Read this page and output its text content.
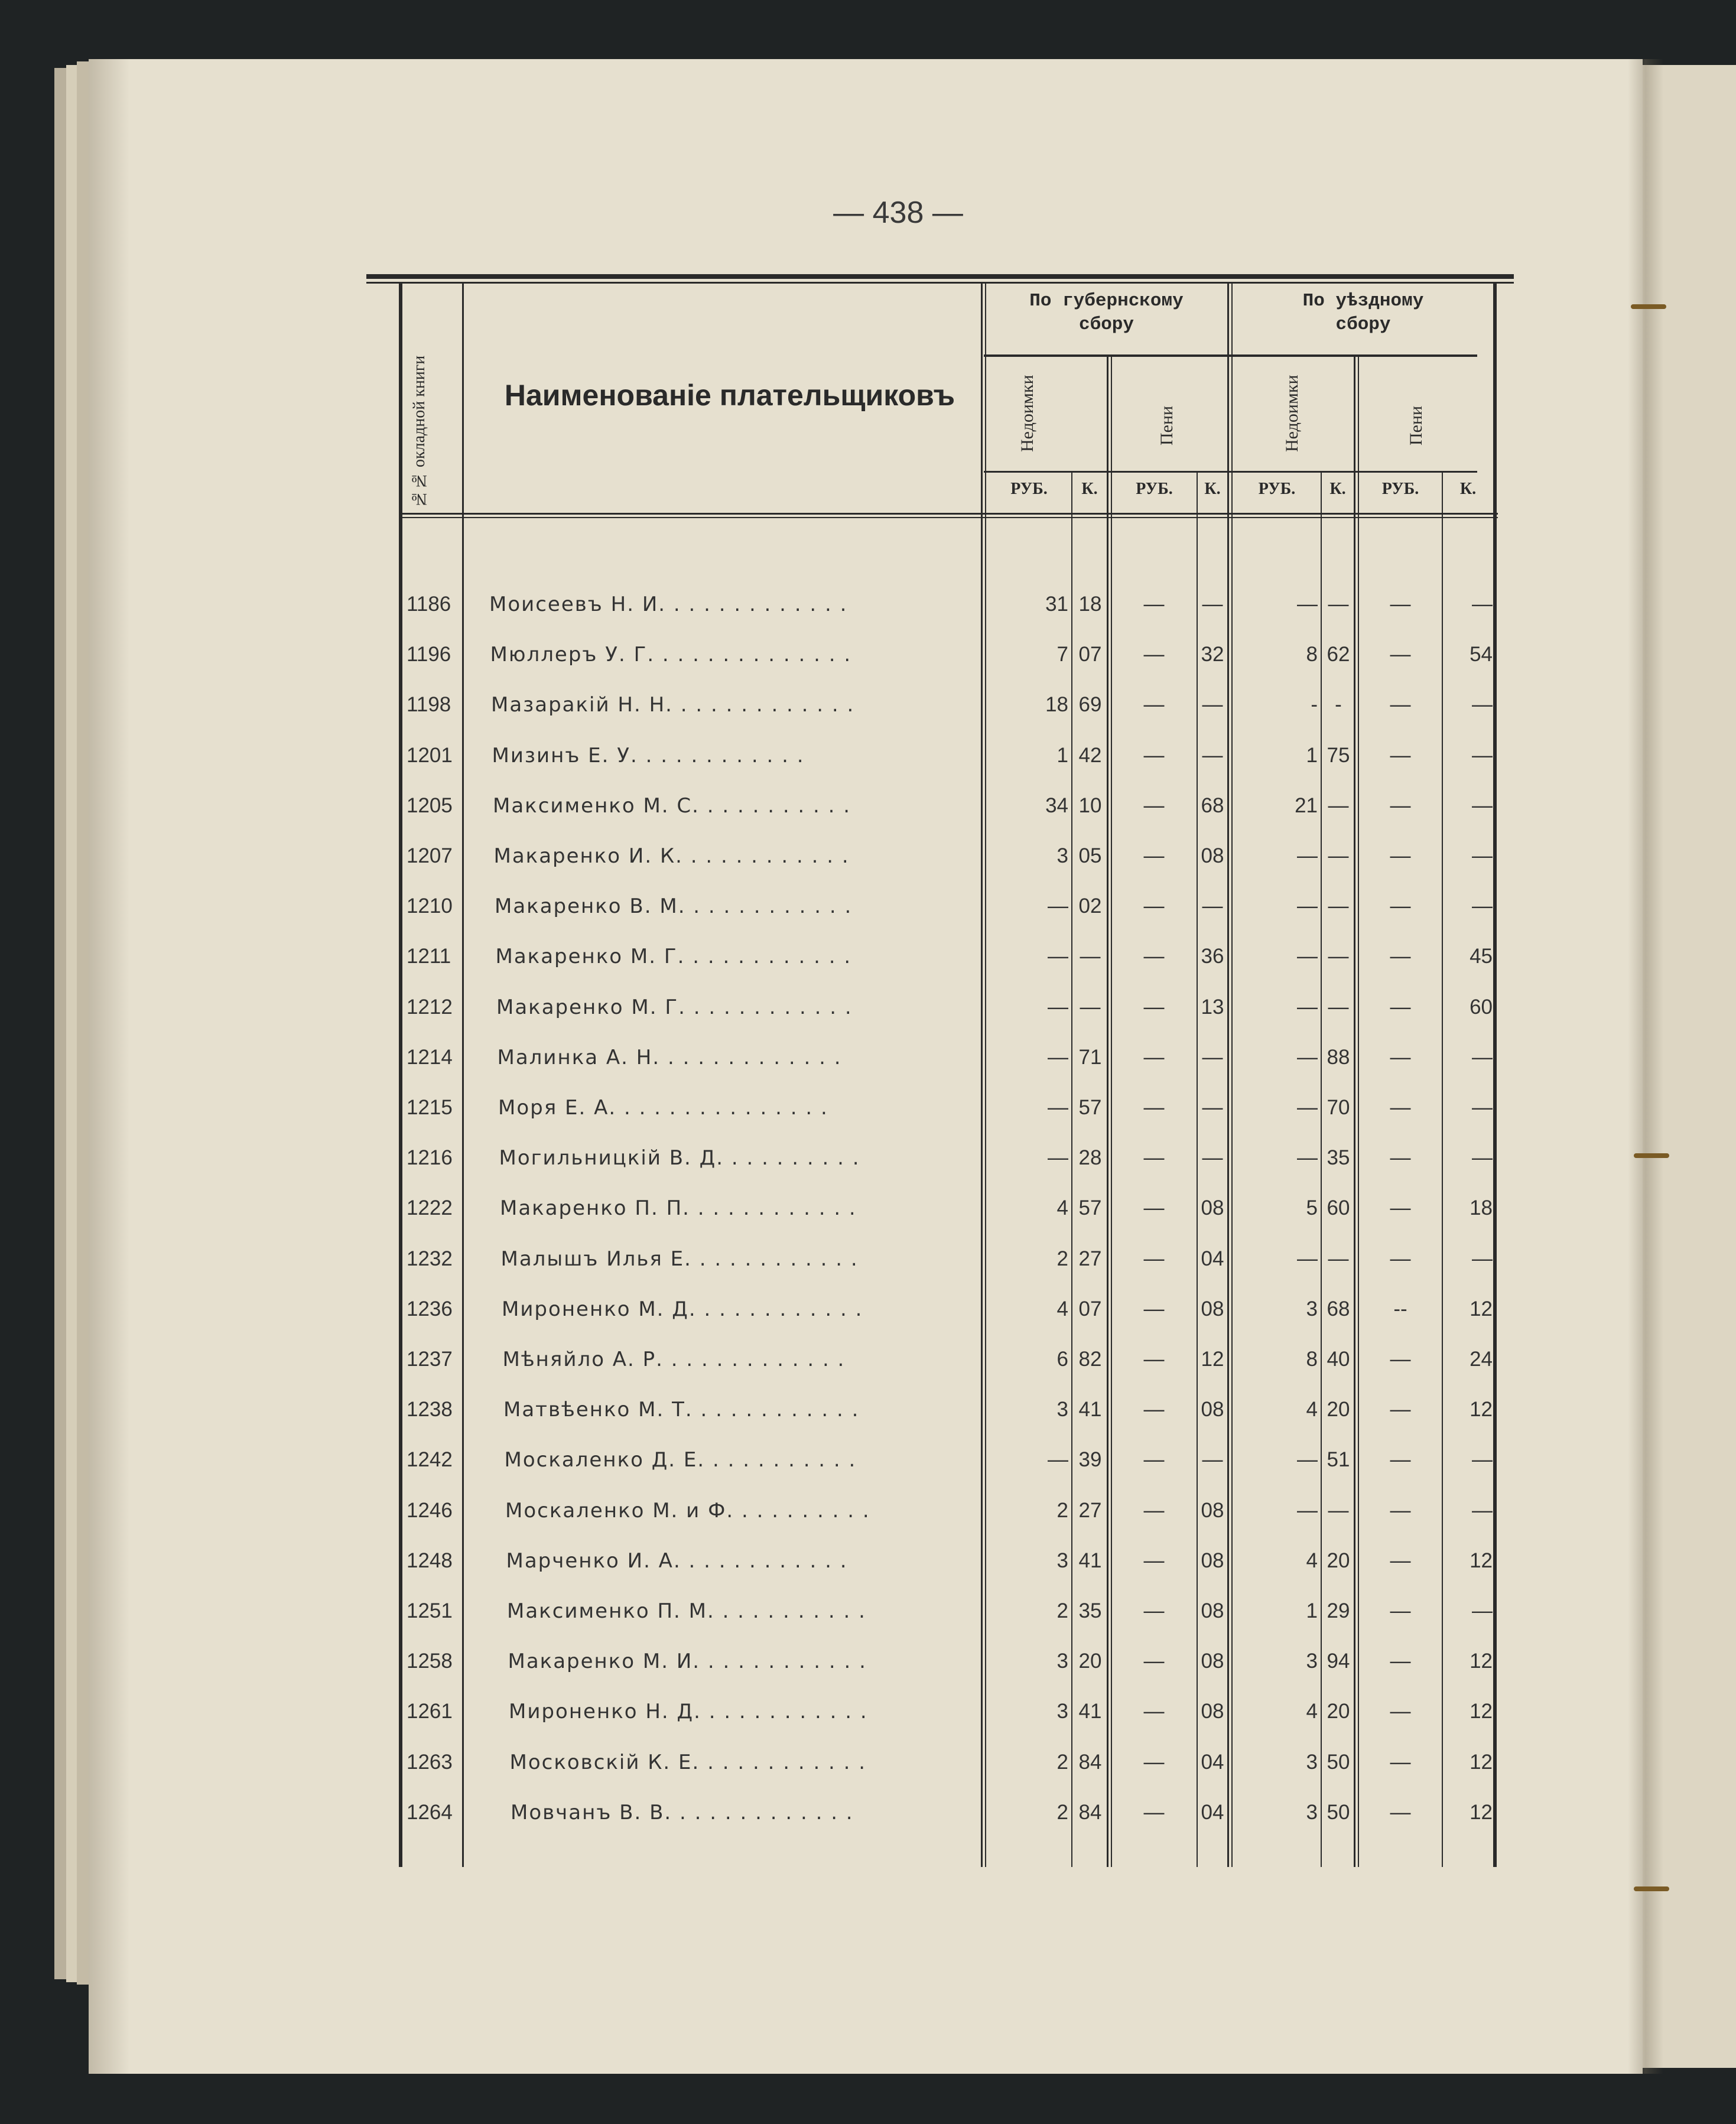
— 438 —
№№ окладной книги	Наименованіе плательщиковъ
По губернскому
сбору
По уѣздному
сбору
Недоимки	Пени	Недоимки	Пени
РУБ.	К.	РУБ.	К.	РУБ.	К.	РУБ.	К.
1186	Моисеевъ Н. И. . . . . . . . . . . . .	31 18	—	—	— —	—	—
1196	Мюллеръ У. Г. . . . . . . . . . . . . .	7 07	—	32	8 62	—	54
1198	Мазаракій Н. Н. . . . . . . . . . . . .	18 69	—	—	- -	—	—
1201	Мизинъ Е. У. . . . . . . . . . . .	1 42	—	—	1 75	—	—
1205	Максименко М. С. . . . . . . . . . .	34 10	—	68	21 —	—	—
1207	Макаренко И. К. . . . . . . . . . . .	3 05	—	08	— —	—	—
1210	Макаренко В. М. . . . . . . . . . . .	— 02	—	—	— —	—	—
1211	Макаренко М. Г. . . . . . . . . . . .	— —	—	36	— —	—	45
1212	Макаренко М. Г. . . . . . . . . . . .	— —	—	13	— —	—	60
1214	Малинка А. Н. . . . . . . . . . . . .	— 71	—	—	— 88	—	—
1215	Моря Е. А. . . . . . . . . . . . . . .	— 57	—	—	— 70	—	—
1216	Могильницкій В. Д. . . . . . . . . .	— 28	—	—	— 35	—	—
1222	Макаренко П. П. . . . . . . . . . . .	4 57	—	08	5 60	—	18
1232	Малышъ Илья Е. . . . . . . . . . . .	2 27	—	04	— —	—	—
1236	Мироненко М. Д. . . . . . . . . . . .	4 07	—	08	3 68	--	12
1237	Мѣняйло А. Р. . . . . . . . . . . . .	6 82	—	12	8 40	—	24
1238	Матвѣенко М. Т. . . . . . . . . . . .	3 41	—	08	4 20	—	12
1242	Москаленко Д. Е. . . . . . . . . . .	— 39	—	—	— 51	—	—
1246	Москаленко М. и Ф. . . . . . . . . .	2 27	—	08	— —	—	—
1248	Марченко И. А. . . . . . . . . . . .	3 41	—	08	4 20	—	12
1251	Максименко П. М. . . . . . . . . . .	2 35	—	08	1 29	—	—
1258	Макаренко М. И. . . . . . . . . . . .	3 20	—	08	3 94	—	12
1261	Мироненко Н. Д. . . . . . . . . . . .	3 41	—	08	4 20	—	12
1263	Московскій К. Е. . . . . . . . . . . .	2 84	—	04	3 50	—	12
1264	Мовчанъ В. В. . . . . . . . . . . . .	2 84	—	04	3 50	—	12
